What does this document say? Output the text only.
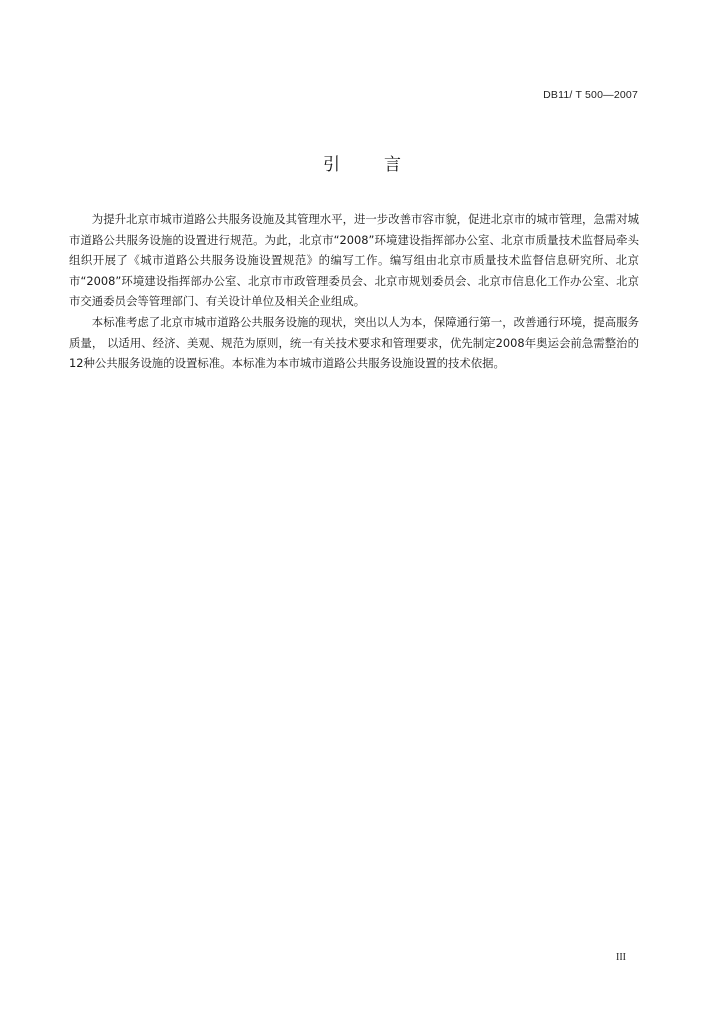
DB11/ T 500—2007
引言

为提升北京市城市道路公共服务设施及其管理水平，进一步改善市容市貌，促进北京市的城市管理，急需对城市道路公共服务设施的设置进行规范。为此，北京市“2008”环境建设指挥部办公室、北京市质量技术监督局牵头组织开展了《城市道路公共服务设施设置规范》的编写工作。编写组由北京市质量技术监督信息研究所、北京市“2008”环境建设指挥部办公室、北京市市政管理委员会、北京市规划委员会、北京市信息化工作办公室、北京市交通委员会等管理部门、有关设计单位及相关企业组成。

本标准考虑了北京市城市道路公共服务设施的现状，突出以人为本，保障通行第一，改善通行环境，提高服务质量， 以适用、经济、美观、规范为原则，统一有关技术要求和管理要求，优先制定2008年奥运会前急需整治的12种公共服务设施的设置标准。本标准为本市城市道路公共服务设施设置的技术依据。

III
